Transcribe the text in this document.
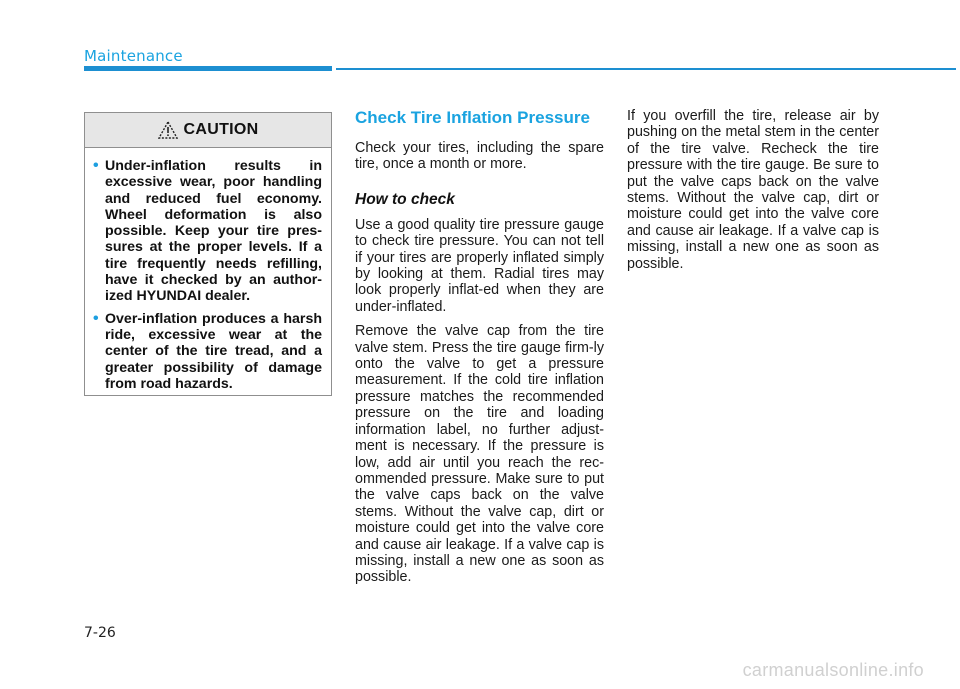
Maintenance
CAUTION
• Under-inflation results in excessive wear, poor handling and reduced fuel economy. Wheel deformation is also possible. Keep your tire pres-sures at the proper levels. If a tire frequently needs refilling, have it checked by an author-ized HYUNDAI dealer.
• Over-inflation produces a harsh ride, excessive wear at the center of the tire tread, and a greater possibility of damage from road hazards.
Check Tire Inflation Pressure

Check your tires, including the spare tire, once a month or more.

How to check

Use a good quality tire pressure gauge to check tire pressure. You can not tell if your tires are properly inflated simply by looking at them. Radial tires may look properly inflat-ed when they are under-inflated.

Remove the valve cap from the tire valve stem. Press the tire gauge firm-ly onto the valve to get a pressure measurement. If the cold tire inflation pressure matches the recommended pressure on the tire and loading information label, no further adjust-ment is necessary. If the pressure is low, add air until you reach the rec-ommended pressure. Make sure to put the valve caps back on the valve stems. Without the valve cap, dirt or moisture could get into the valve core and cause air leakage. If a valve cap is missing, install a new one as soon as possible.

If you overfill the tire, release air by pushing on the metal stem in the center of the tire valve. Recheck the tire pressure with the tire gauge. Be sure to put the valve caps back on the valve stems. Without the valve cap, dirt or moisture could get into the valve core and cause air leakage. If a valve cap is missing, install a new one as soon as possible.

7-26
carmanualsonline.info
